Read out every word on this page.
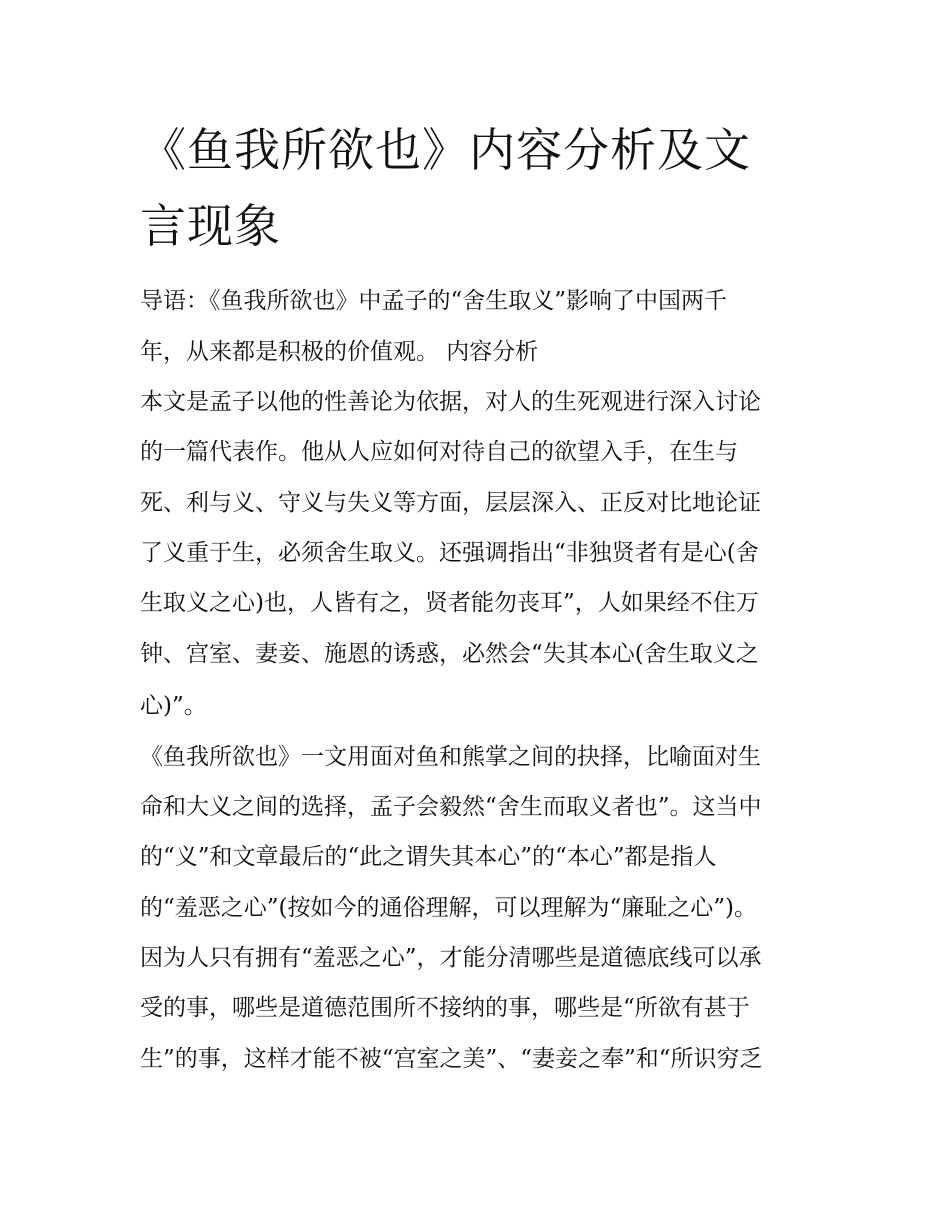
《鱼我所欲也》内容分析及文
言现象

导语：《鱼我所欲也》中孟子的“舍生取义”影响了中国两千

年，从来都是积极的价值观。 内容分析

本文是孟子以他的性善论为依据，对人的生死观进行深入讨论

的一篇代表作。他从人应如何对待自己的欲望入手，在生与

死、利与义、守义与失义等方面，层层深入、正反对比地论证

了义重于生，必须舍生取义。还强调指出“非独贤者有是心(舍

生取义之心)也，人皆有之，贤者能勿丧耳”，人如果经不住万

钟、宫室、妻妾、施恩的诱惑，必然会“失其本心(舍生取义之

心)”。

《鱼我所欲也》一文用面对鱼和熊掌之间的抉择，比喻面对生

命和大义之间的选择，孟子会毅然“舍生而取义者也”。这当中

的“义”和文章最后的“此之谓失其本心”的“本心”都是指人

的“羞恶之心”(按如今的通俗理解，可以理解为“廉耻之心”)。

因为人只有拥有“羞恶之心”，才能分清哪些是道德底线可以承

受的事，哪些是道德范围所不接纳的事，哪些是“所欲有甚于

生”的事，这样才能不被“宫室之美”、“妻妾之奉”和“所识穷乏
